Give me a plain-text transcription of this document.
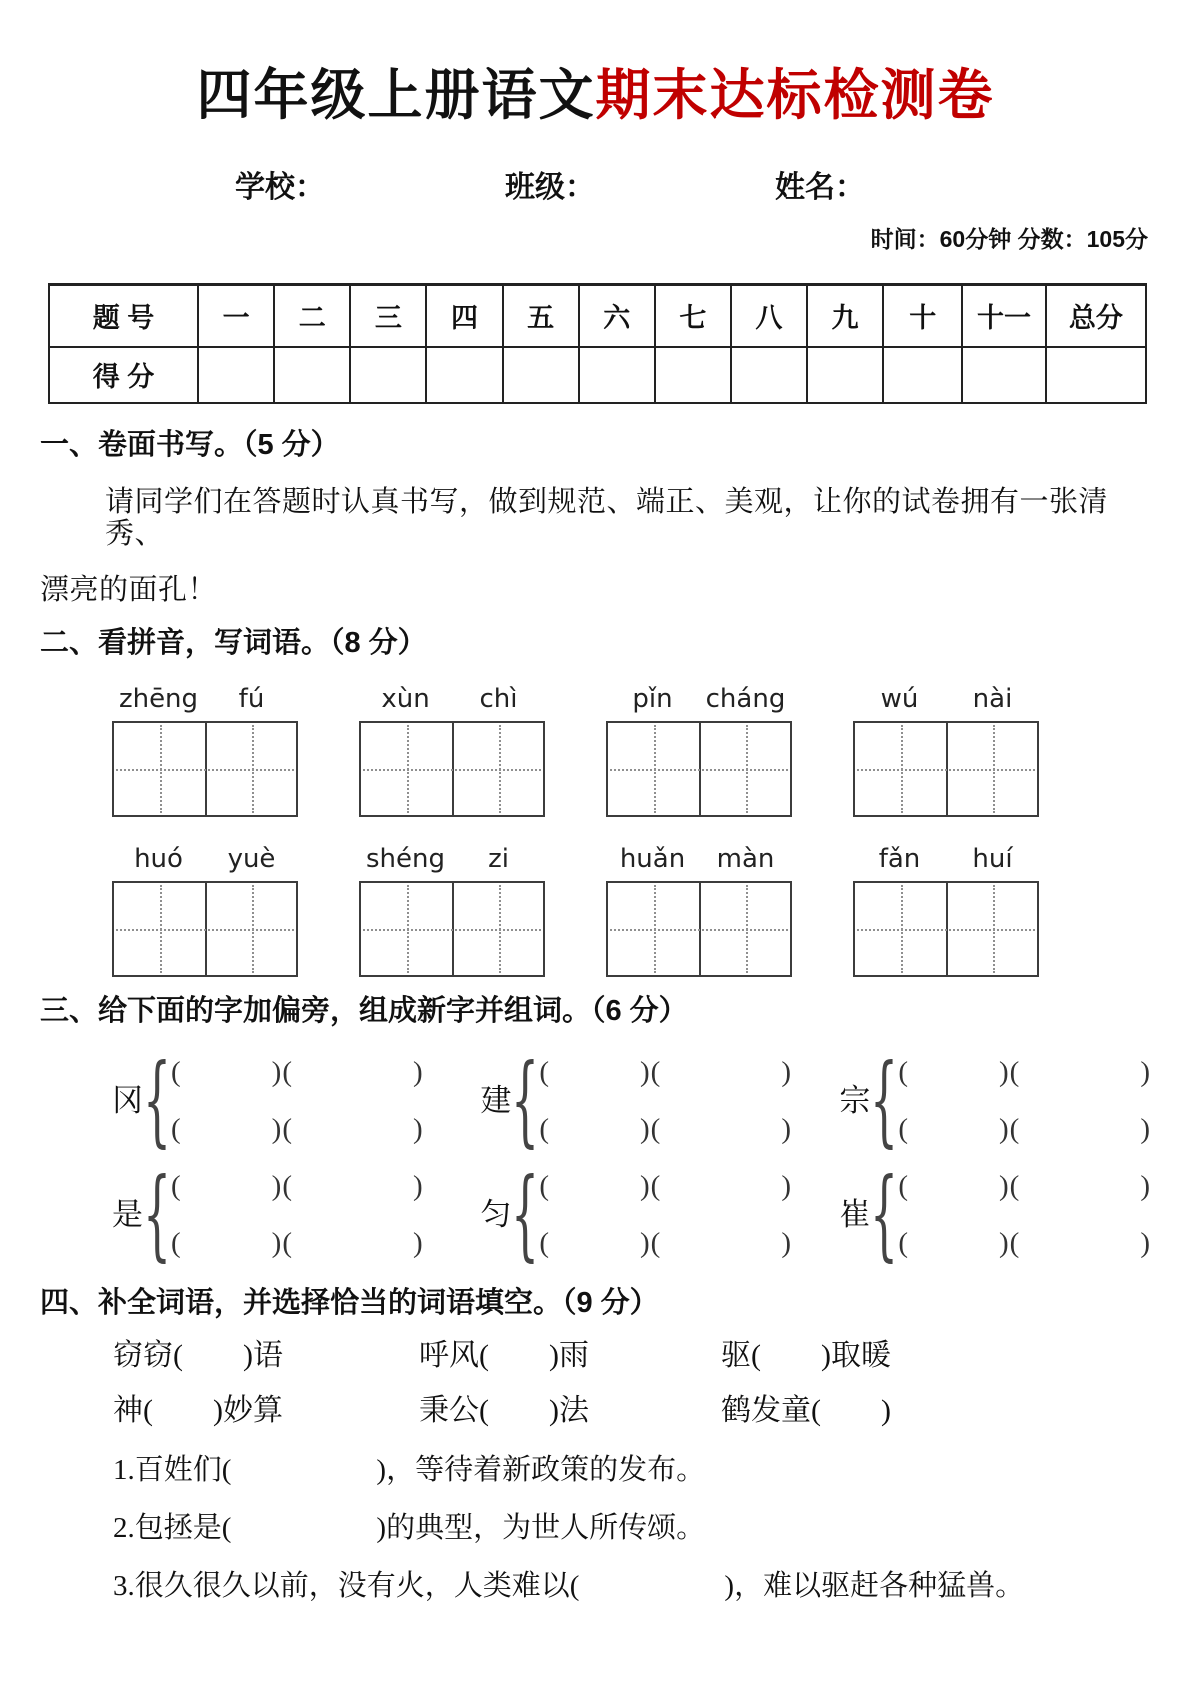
四年级上册语文期末达标检测卷
学校：	班级：	姓名：
时间：60分钟 分数：105分
题 号	一	二	三	四	五	六	七	八	九	十	十一	总分
得 分												
一、卷面书写。（5 分）
请同学们在答题时认真书写，做到规范、端正、美观，让你的试卷拥有一张清秀、
漂亮的面孔！
二、看拼音，写词语。（8 分）
zhēng	fú	xùn	chì	pǐn	cháng	wú	nài
huó	yuè	shéng	zi	huǎn	màn	fǎn	huí
三、给下面的字加偏旁，组成新字并组词。（6 分）
冈 { (　　　)(　　　　)
(　　　)(　　　　)
建 { (　　　)(　　　　)
(　　　)(　　　　)
宗 { (　　　)(　　　　)
(　　　)(　　　　)
是 { (　　　)(　　　　)
(　　　)(　　　　)
匀 { (　　　)(　　　　)
(　　　)(　　　　)
崔 { (　　　)(　　　　)
(　　　)(　　　　)
四、补全词语，并选择恰当的词语填空。（9 分）
窃窃(　　)语	呼风(　　)雨	驱(　　)取暖
神(　　)妙算	秉公(　　)法	鹤发童(　　)
1.百姓们(　　　　　)，等待着新政策的发布。
2.包拯是(　　　　　)的典型，为世人所传颂。
3.很久很久以前，没有火，人类难以(　　　　　)，难以驱赶各种猛兽。
